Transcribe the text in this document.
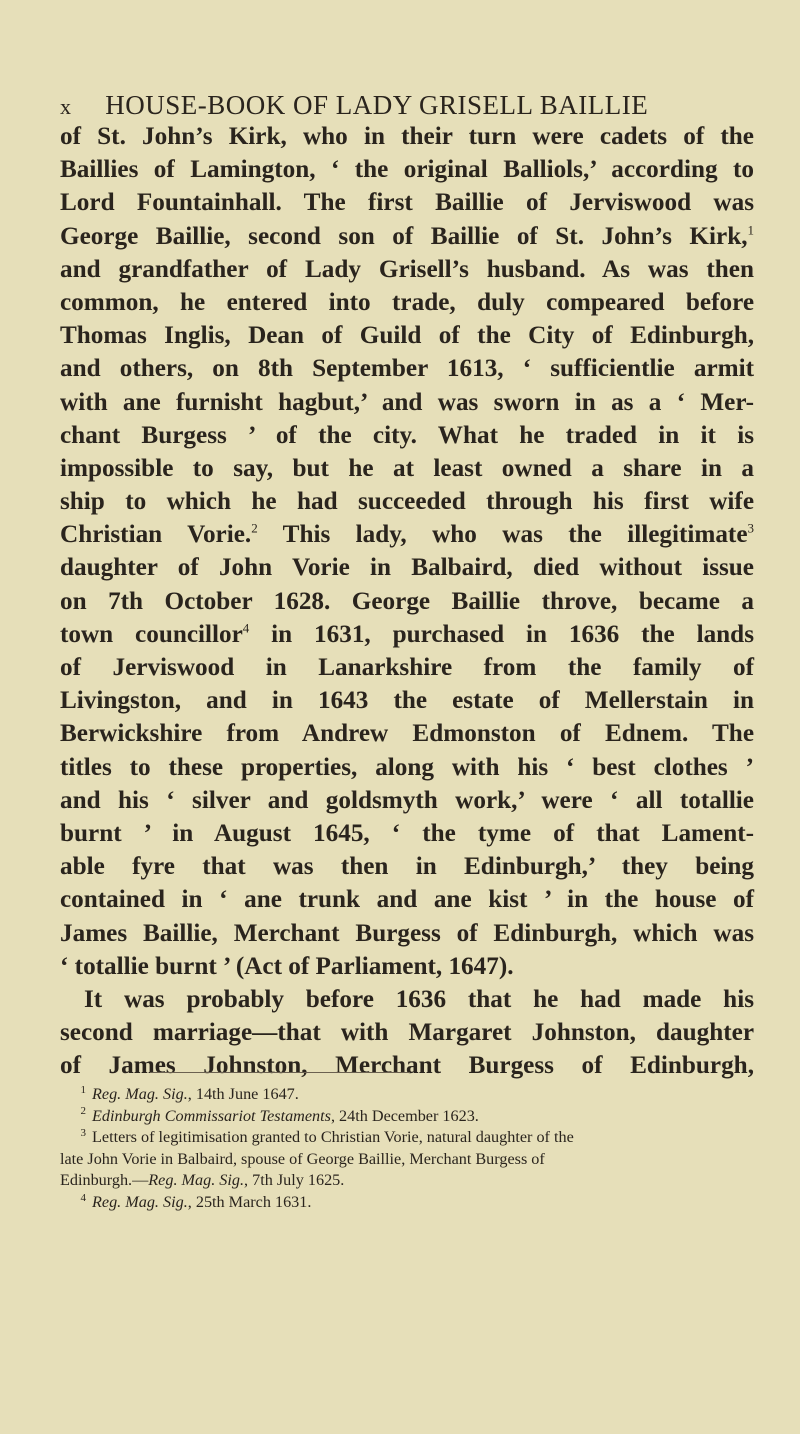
x HOUSE-BOOK OF LADY GRISELL BAILLIE
of St. John’s Kirk, who in their turn were cadets of the
Baillies of Lamington, ‘ the original Balliols,’ according to
Lord Fountainhall. The first Baillie of Jerviswood was
George Baillie, second son of Baillie of St. John’s Kirk,$^1$
and grandfather of Lady Grisell’s husband. As was then
common, he entered into trade, duly compeared before
Thomas Inglis, Dean of Guild of the City of Edinburgh,
and others, on 8th September 1613, ‘ sufficientlie armit
with ane furnisht hagbut,’ and was sworn in as a ‘ Mer-
chant Burgess ’ of the city. What he traded in it is
impossible to say, but he at least owned a share in a
ship to which he had succeeded through his first wife
Christian Vorie.$^2$ This lady, who was the illegitimate$^3$
daughter of John Vorie in Balbaird, died without issue
on 7th October 1628. George Baillie throve, became a
town councillor$^4$ in 1631, purchased in 1636 the lands
of Jerviswood in Lanarkshire from the family of
Livingston, and in 1643 the estate of Mellerstain in
Berwickshire from Andrew Edmonston of Ednem. The
titles to these properties, along with his ‘ best clothes ’
and his ‘ silver and goldsmyth work,’ were ‘ all totallie
burnt ’ in August 1645, ‘ the tyme of that Lament-
able fyre that was then in Edinburgh,’ they being
contained in ‘ ane trunk and ane kist ’ in the house of
James Baillie, Merchant Burgess of Edinburgh, which was
‘ totallie burnt ’ (Act of Parliament, 1647).
It was probably before 1636 that he had made his
second marriage—that with Margaret Johnston, daughter
of James Johnston, Merchant Burgess of Edinburgh,
1 Reg. Mag. Sig., 14th June 1647.
2 Edinburgh Commissariot Testaments, 24th December 1623.
3 Letters of legitimisation granted to Christian Vorie, natural daughter of the
late John Vorie in Balbaird, spouse of George Baillie, Merchant Burgess of
Edinburgh.—Reg. Mag. Sig., 7th July 1625.
4 Reg. Mag. Sig., 25th March 1631.
